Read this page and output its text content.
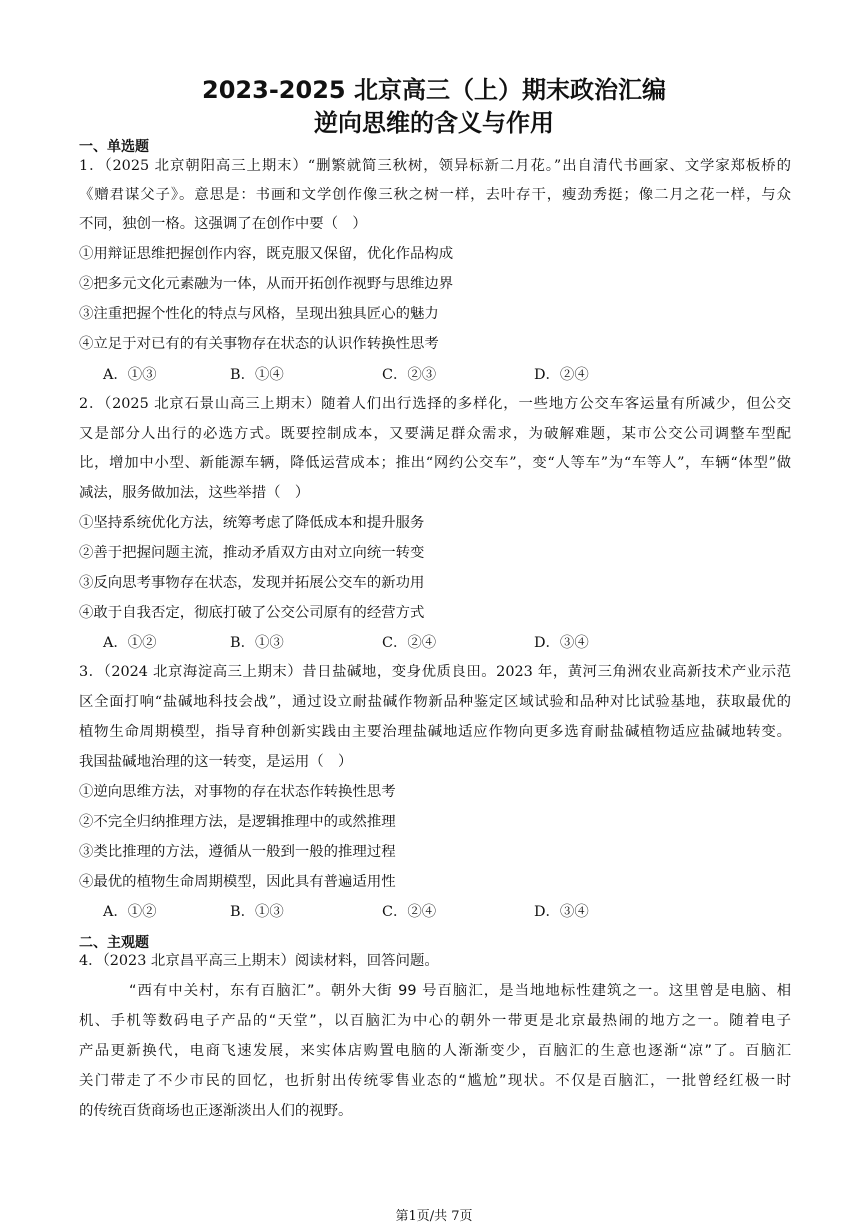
2023-2025 北京高三（上）期末政治汇编
逆向思维的含义与作用
一、单选题
1．（2025 北京朝阳高三上期末）“删繁就简三秋树，领异标新二月花。”出自清代书画家、文学家郑板桥的
《赠君谋父子》。意思是：书画和文学创作像三秋之树一样，去叶存干，瘦劲秀挺；像二月之花一样，与众
不同，独创一格。这强调了在创作中要（　）
①用辩证思维把握创作内容，既克服又保留，优化作品构成
②把多元文化元素融为一体，从而开拓创作视野与思维边界
③注重把握个性化的特点与风格，呈现出独具匠心的魅力
④立足于对已有的有关事物存在状态的认识作转换性思考
A．①③	B．①④	C．②③	D．②④
2．（2025 北京石景山高三上期末）随着人们出行选择的多样化，一些地方公交车客运量有所减少，但公交
又是部分人出行的必选方式。既要控制成本，又要满足群众需求，为破解难题，某市公交公司调整车型配
比，增加中小型、新能源车辆，降低运营成本；推出“网约公交车”，变“人等车”为“车等人”，车辆“体型”做
减法，服务做加法，这些举措（　）
①坚持系统优化方法，统筹考虑了降低成本和提升服务
②善于把握问题主流，推动矛盾双方由对立向统一转变
③反向思考事物存在状态，发现并拓展公交车的新功用
④敢于自我否定，彻底打破了公交公司原有的经营方式
A．①②	B．①③	C．②④	D．③④
3．（2024 北京海淀高三上期末）昔日盐碱地，变身优质良田。2023 年，黄河三角洲农业高新技术产业示范
区全面打响“盐碱地科技会战”，通过设立耐盐碱作物新品种鉴定区域试验和品种对比试验基地，获取最优的
植物生命周期模型，指导育种创新实践由主要治理盐碱地适应作物向更多选育耐盐碱植物适应盐碱地转变。
我国盐碱地治理的这一转变，是运用（　）
①逆向思维方法，对事物的存在状态作转换性思考
②不完全归纳推理方法，是逻辑推理中的或然推理
③类比推理的方法，遵循从一般到一般的推理过程
④最优的植物生命周期模型，因此具有普遍适用性
A．①②	B．①③	C．②④	D．③④
二、主观题
4．（2023 北京昌平高三上期末）阅读材料，回答问题。
“西有中关村，东有百脑汇”。朝外大街 99 号百脑汇，是当地地标性建筑之一。这里曾是电脑、相
机、手机等数码电子产品的“天堂”，以百脑汇为中心的朝外一带更是北京最热闹的地方之一。随着电子
产品更新换代，电商飞速发展，来实体店购置电脑的人渐渐变少，百脑汇的生意也逐渐“凉”了。百脑汇
关门带走了不少市民的回忆，也折射出传统零售业态的“尴尬”现状。不仅是百脑汇，一批曾经红极一时
的传统百货商场也正逐渐淡出人们的视野。
第1页/共 7页
